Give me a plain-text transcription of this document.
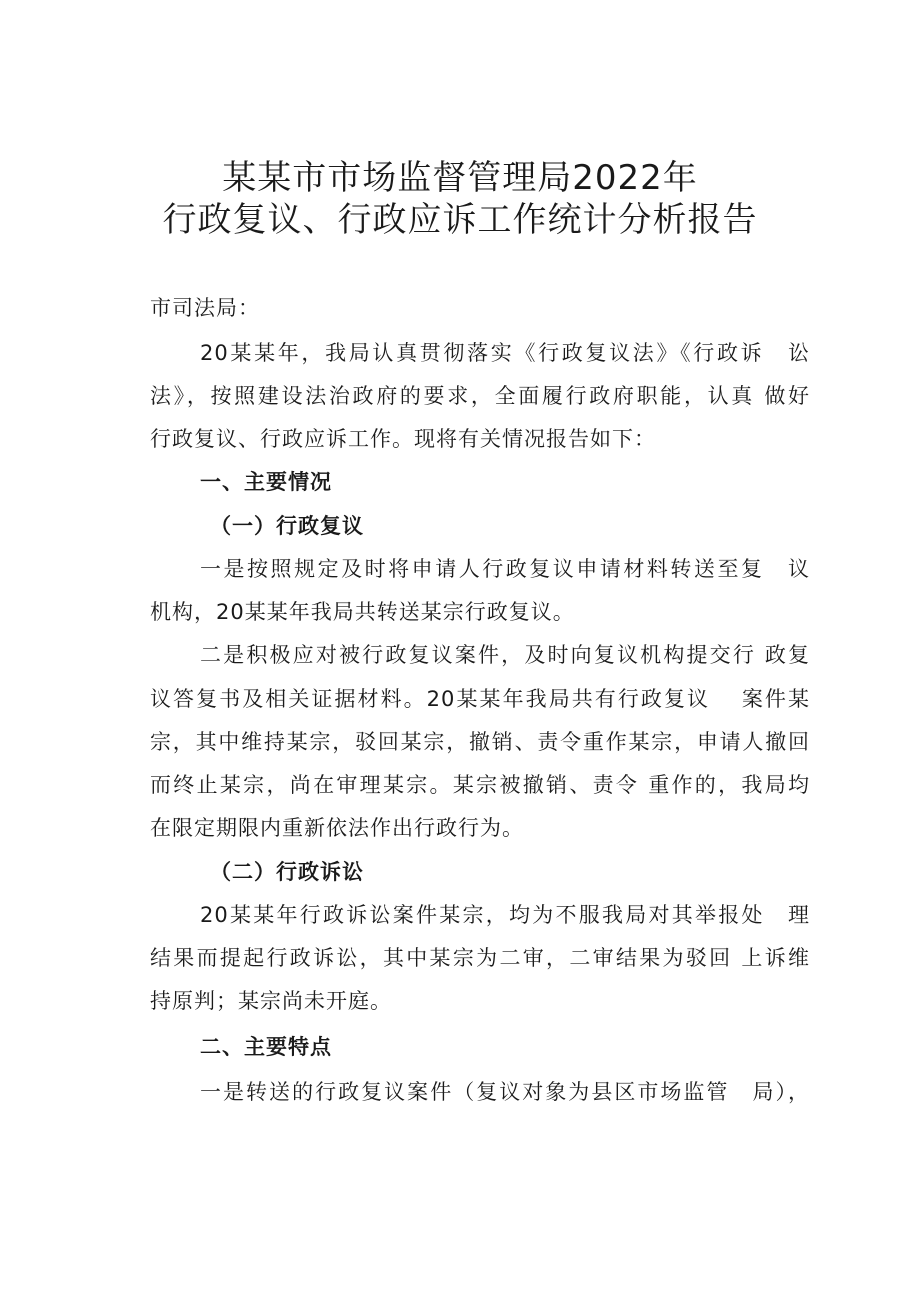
某某市市场监督管理局2022年
行政复议、行政应诉工作统计分析报告

市司法局：

20某某年，我局认真贯彻落实《行政复议法》《行政诉　讼

法》，按照建设法治政府的要求，全面履行政府职能，认真 做好

行政复议、行政应诉工作。现将有关情况报告如下：

一、主要情况

（一）行政复议

一是按照规定及时将申请人行政复议申请材料转送至复　议

机构，20某某年我局共转送某宗行政复议。

二是积极应对被行政复议案件，及时向复议机构提交行 政复

议答复书及相关证据材料。20某某年我局共有行政复议　 案件某

宗，其中维持某宗，驳回某宗，撤销、责令重作某宗，申请人撤回

而终止某宗，尚在审理某宗。某宗被撤销、责令 重作的，我局均

在限定期限内重新依法作出行政行为。

（二）行政诉讼

20某某年行政诉讼案件某宗，均为不服我局对其举报处　理

结果而提起行政诉讼，其中某宗为二审，二审结果为驳回 上诉维

持原判；某宗尚未开庭。

二、主要特点

一是转送的行政复议案件（复议对象为县区市场监管　局），
